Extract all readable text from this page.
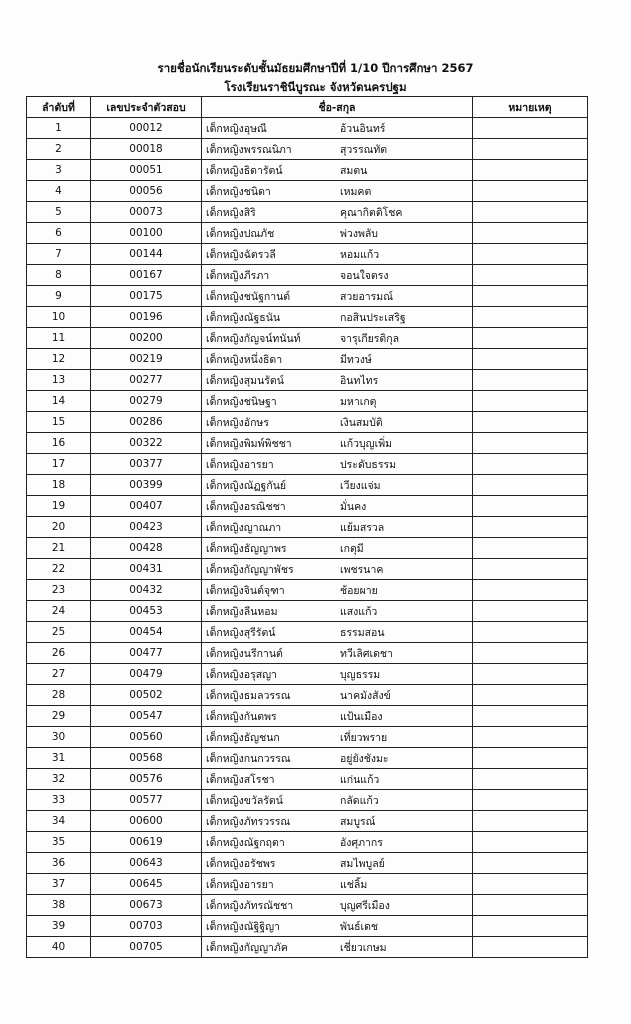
รายชื่อนักเรียนระดับชั้นมัธยมศึกษาปีที่ 1/10 ปีการศึกษา 2567
โรงเรียนราชินีบูรณะ จังหวัดนครปฐม
ลำดับที่	เลขประจำตัวสอบ	ชื่อ-สกุล	หมายเหตุ
1	00012	เด็กหญิงอุษณี อ้วนอินทร์	
2	00018	เด็กหญิงพรรณนิภา สุวรรณทัต	
3	00051	เด็กหญิงธิดารัตน์ สมตน	
4	00056	เด็กหญิงชนิดา เหมคต	
5	00073	เด็กหญิงสิริ คุณากิตติโชค	
6	00100	เด็กหญิงปณภัช พ่วงพลับ	
7	00144	เด็กหญิงฉัตรวลี หอมแก้ว	
8	00167	เด็กหญิงภีรภา จอนใจตรง	
9	00175	เด็กหญิงชนัฐกานต์ สวยอารมณ์	
10	00196	เด็กหญิงณัฐธนัน กอสินประเสริฐ	
11	00200	เด็กหญิงกัญจน์ทนันท์ จารุเกียรติกุล	
12	00219	เด็กหญิงหนึ่งธิดา มีทวงษ์	
13	00277	เด็กหญิงสุมนรัตน์ อินทไทร	
14	00279	เด็กหญิงชนิษฐา มหาเกตุ	
15	00286	เด็กหญิงอักษร เงินสมบัติ	
16	00322	เด็กหญิงพิมพ์พิชชา แก้วบุญเพิ่ม	
17	00377	เด็กหญิงอารยา ประดับธรรม	
18	00399	เด็กหญิงณัฏฐกันย์ เวียงแจ่ม	
19	00407	เด็กหญิงอรณิชชา มั่นคง	
20	00423	เด็กหญิงญาณภา แย้มสรวล	
21	00428	เด็กหญิงธัญญาพร เกตุมี	
22	00431	เด็กหญิงกัญญาพัชร เพชรนาค	
23	00432	เด็กหญิงจินต์จุฑา ช้อยผาย	
24	00453	เด็กหญิงลีนหอม แสงแก้ว	
25	00454	เด็กหญิงสุรีรัตน์ ธรรมสอน	
26	00477	เด็กหญิงนรีกานต์ ทวีเลิศเดชา	
27	00479	เด็กหญิงอรุสญา บุญธรรม	
28	00502	เด็กหญิงธมลวรรณ นาคมังสังข์	
29	00547	เด็กหญิงกันตพร แป้นเมือง	
30	00560	เด็กหญิงธัญชนก เที่ยวพราย	
31	00568	เด็กหญิงกนกวรรณ อยู่ยังชังมะ	
32	00576	เด็กหญิงสโรชา แก่นแก้ว	
33	00577	เด็กหญิงขวัลรัตน์ กลัดแก้ว	
34	00600	เด็กหญิงภัทรวรรณ สมบูรณ์	
35	00619	เด็กหญิงณัฐกฤตา อังศุภากร	
36	00643	เด็กหญิงอรัชพร สมไพบูลย์	
37	00645	เด็กหญิงอารยา แช่ลิ้ม	
38	00673	เด็กหญิงภัทรณัชชา บุญศรีเมือง	
39	00703	เด็กหญิงณัฐิฐิญา พันธ์เดช	
40	00705	เด็กหญิงกัญญาภัค เชี่ยวเกษม	
